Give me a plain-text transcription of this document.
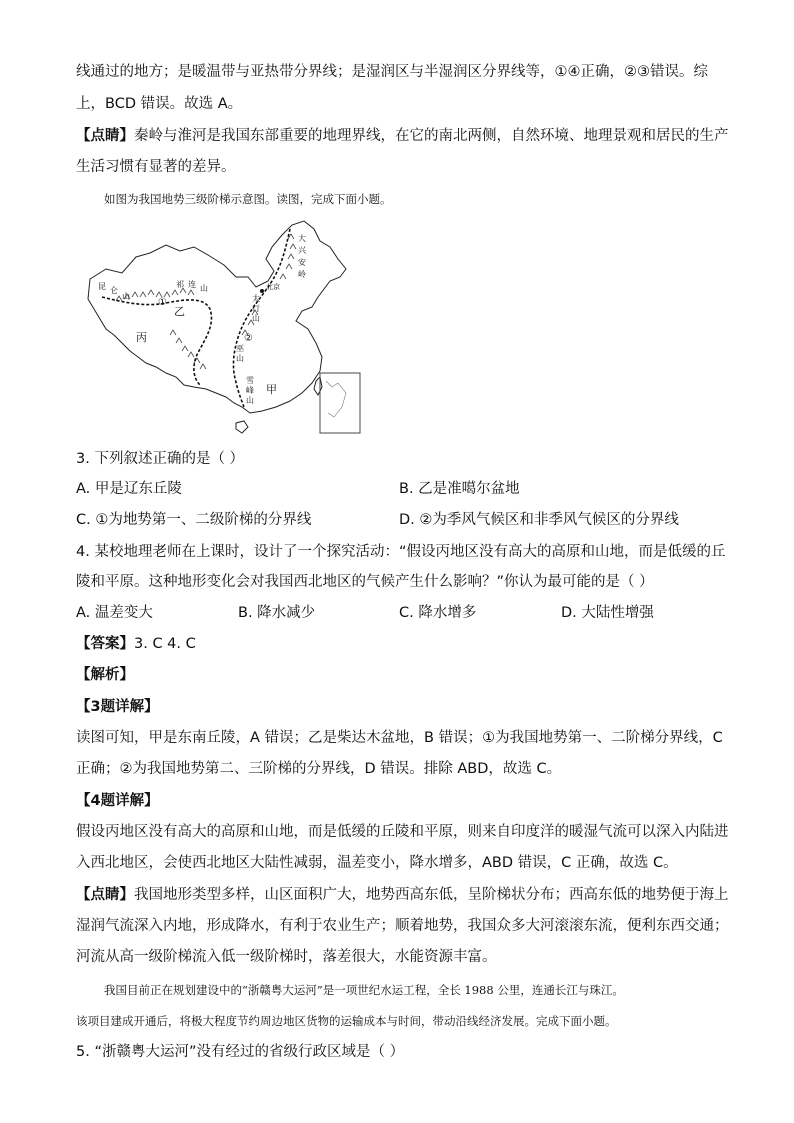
线通过的地方；是暖温带与亚热带分界线；是湿润区与半湿润区分界线等，①④正确，②③错误。综
上，BCD 错误。故选 A。
【点睛】秦岭与淮河是我国东部重要的地理界线，在它的南北两侧，自然环境、地理景观和居民的生产
生活习惯有显著的差异。
如图为我国地势三级阶梯示意图。读图，完成下面小题。
昆 仑
山
祁 连 山
乙
丙
①
②
甲
大
兴
安
岭
太
行
山
巫
山
雪
峰
山
北京
3. 下列叙述正确的是（ ）
A. 甲是辽东丘陵	B. 乙是准噶尔盆地
C. ①为地势第一、二级阶梯的分界线	D. ②为季风气候区和非季风气候区的分界线
4. 某校地理老师在上课时，设计了一个探究活动：“假设丙地区没有高大的高原和山地，而是低缓的丘
陵和平原。这种地形变化会对我国西北地区的气候产生什么影响？”你认为最可能的是（ ）
A. 温差变大	B. 降水减少	C. 降水增多	D. 大陆性增强
【答案】3. C 4. C
【解析】
【3题详解】
读图可知，甲是东南丘陵，A 错误；乙是柴达木盆地，B 错误；①为我国地势第一、二阶梯分界线，C
正确；②为我国地势第二、三阶梯的分界线，D 错误。排除 ABD，故选 C。
【4题详解】
假设丙地区没有高大的高原和山地，而是低缓的丘陵和平原，则来自印度洋的暖湿气流可以深入内陆进
入西北地区，会使西北地区大陆性减弱，温差变小，降水增多，ABD 错误，C 正确，故选 C。
【点睛】我国地形类型多样，山区面积广大，地势西高东低，呈阶梯状分布；西高东低的地势便于海上
湿润气流深入内地，形成降水，有利于农业生产；顺着地势，我国众多大河滚滚东流，便利东西交通；
河流从高一级阶梯流入低一级阶梯时，落差很大，水能资源丰富。
我国目前正在规划建设中的“浙赣粤大运河”是一项世纪水运工程，全长 1988 公里，连通长江与珠江。
该项目建成开通后，将极大程度节约周边地区货物的运输成本与时间，带动沿线经济发展。完成下面小题。
5. “浙赣粤大运河”没有经过的省级行政区域是（ ）
